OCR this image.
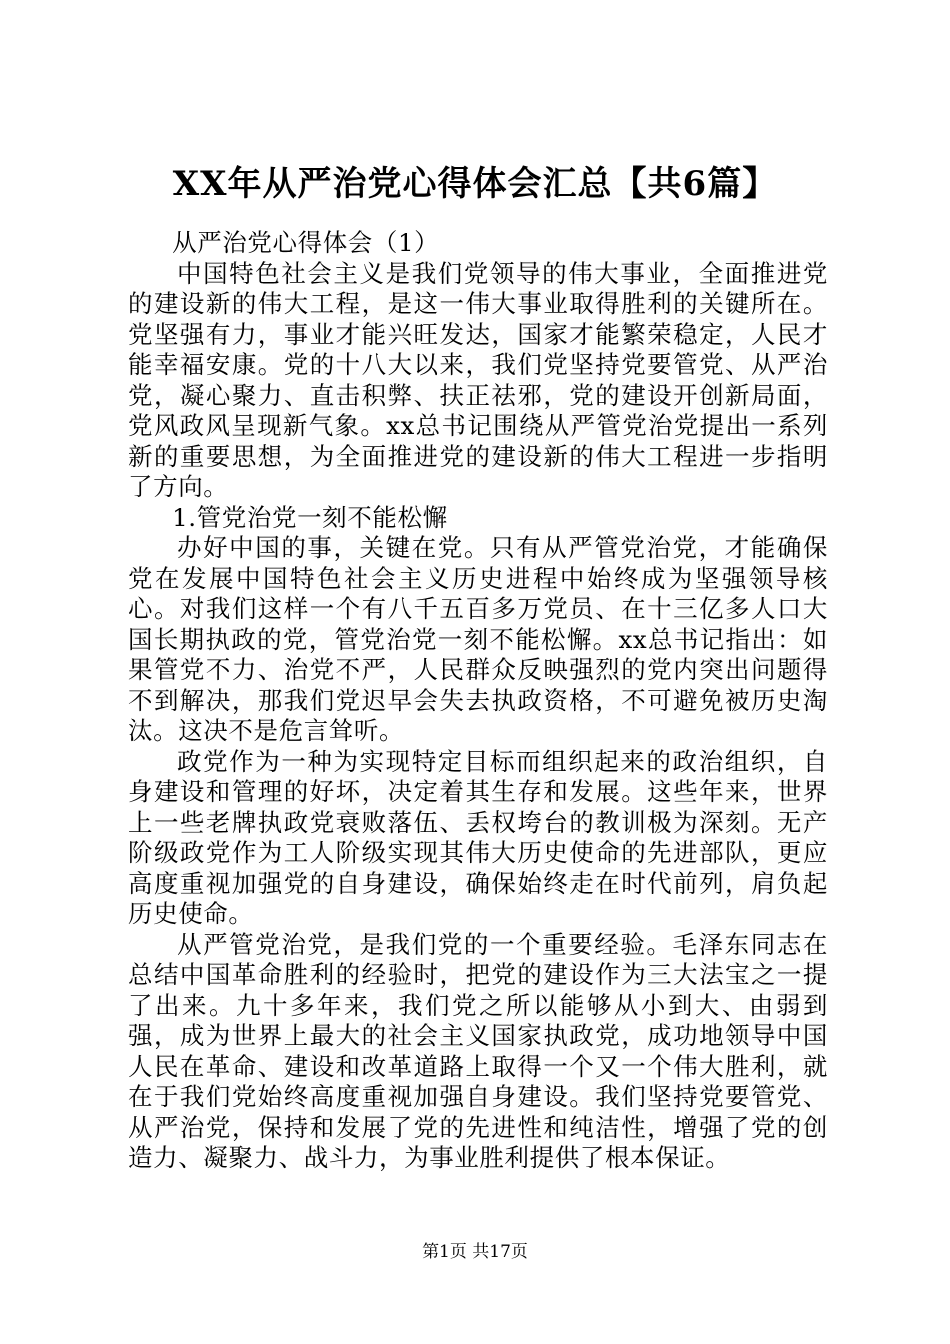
XX年从严治党心得体会汇总【共6篇】

从严治党心得体会（1）

中国特色社会主义是我们党领导的伟大事业，全面推进党的建设新的伟大工程，是这一伟大事业取得胜利的关键所在。党坚强有力，事业才能兴旺发达，国家才能繁荣稳定，人民才能幸福安康。党的十八大以来，我们党坚持党要管党、从严治党，凝心聚力、直击积弊、扶正祛邪，党的建设开创新局面，党风政风呈现新气象。xx总书记围绕从严管党治党提出一系列新的重要思想，为全面推进党的建设新的伟大工程进一步指明了方向。

1.管党治党一刻不能松懈

办好中国的事，关键在党。只有从严管党治党，才能确保党在发展中国特色社会主义历史进程中始终成为坚强领导核心。对我们这样一个有八千五百多万党员、在十三亿多人口大国长期执政的党，管党治党一刻不能松懈。xx总书记指出：如果管党不力、治党不严，人民群众反映强烈的党内突出问题得不到解决，那我们党迟早会失去执政资格，不可避免被历史淘汰。这决不是危言耸听。

政党作为一种为实现特定目标而组织起来的政治组织，自身建设和管理的好坏，决定着其生存和发展。这些年来，世界上一些老牌执政党衰败落伍、丢权垮台的教训极为深刻。无产阶级政党作为工人阶级实现其伟大历史使命的先进部队，更应高度重视加强党的自身建设，确保始终走在时代前列，肩负起历史使命。

从严管党治党，是我们党的一个重要经验。毛泽东同志在总结中国革命胜利的经验时，把党的建设作为三大法宝之一提了出来。九十多年来，我们党之所以能够从小到大、由弱到强，成为世界上最大的社会主义国家执政党，成功地领导中国人民在革命、建设和改革道路上取得一个又一个伟大胜利，就在于我们党始终高度重视加强自身建设。我们坚持党要管党、从严治党，保持和发展了党的先进性和纯洁性，增强了党的创造力、凝聚力、战斗力，为事业胜利提供了根本保证。

第1页 共17页
